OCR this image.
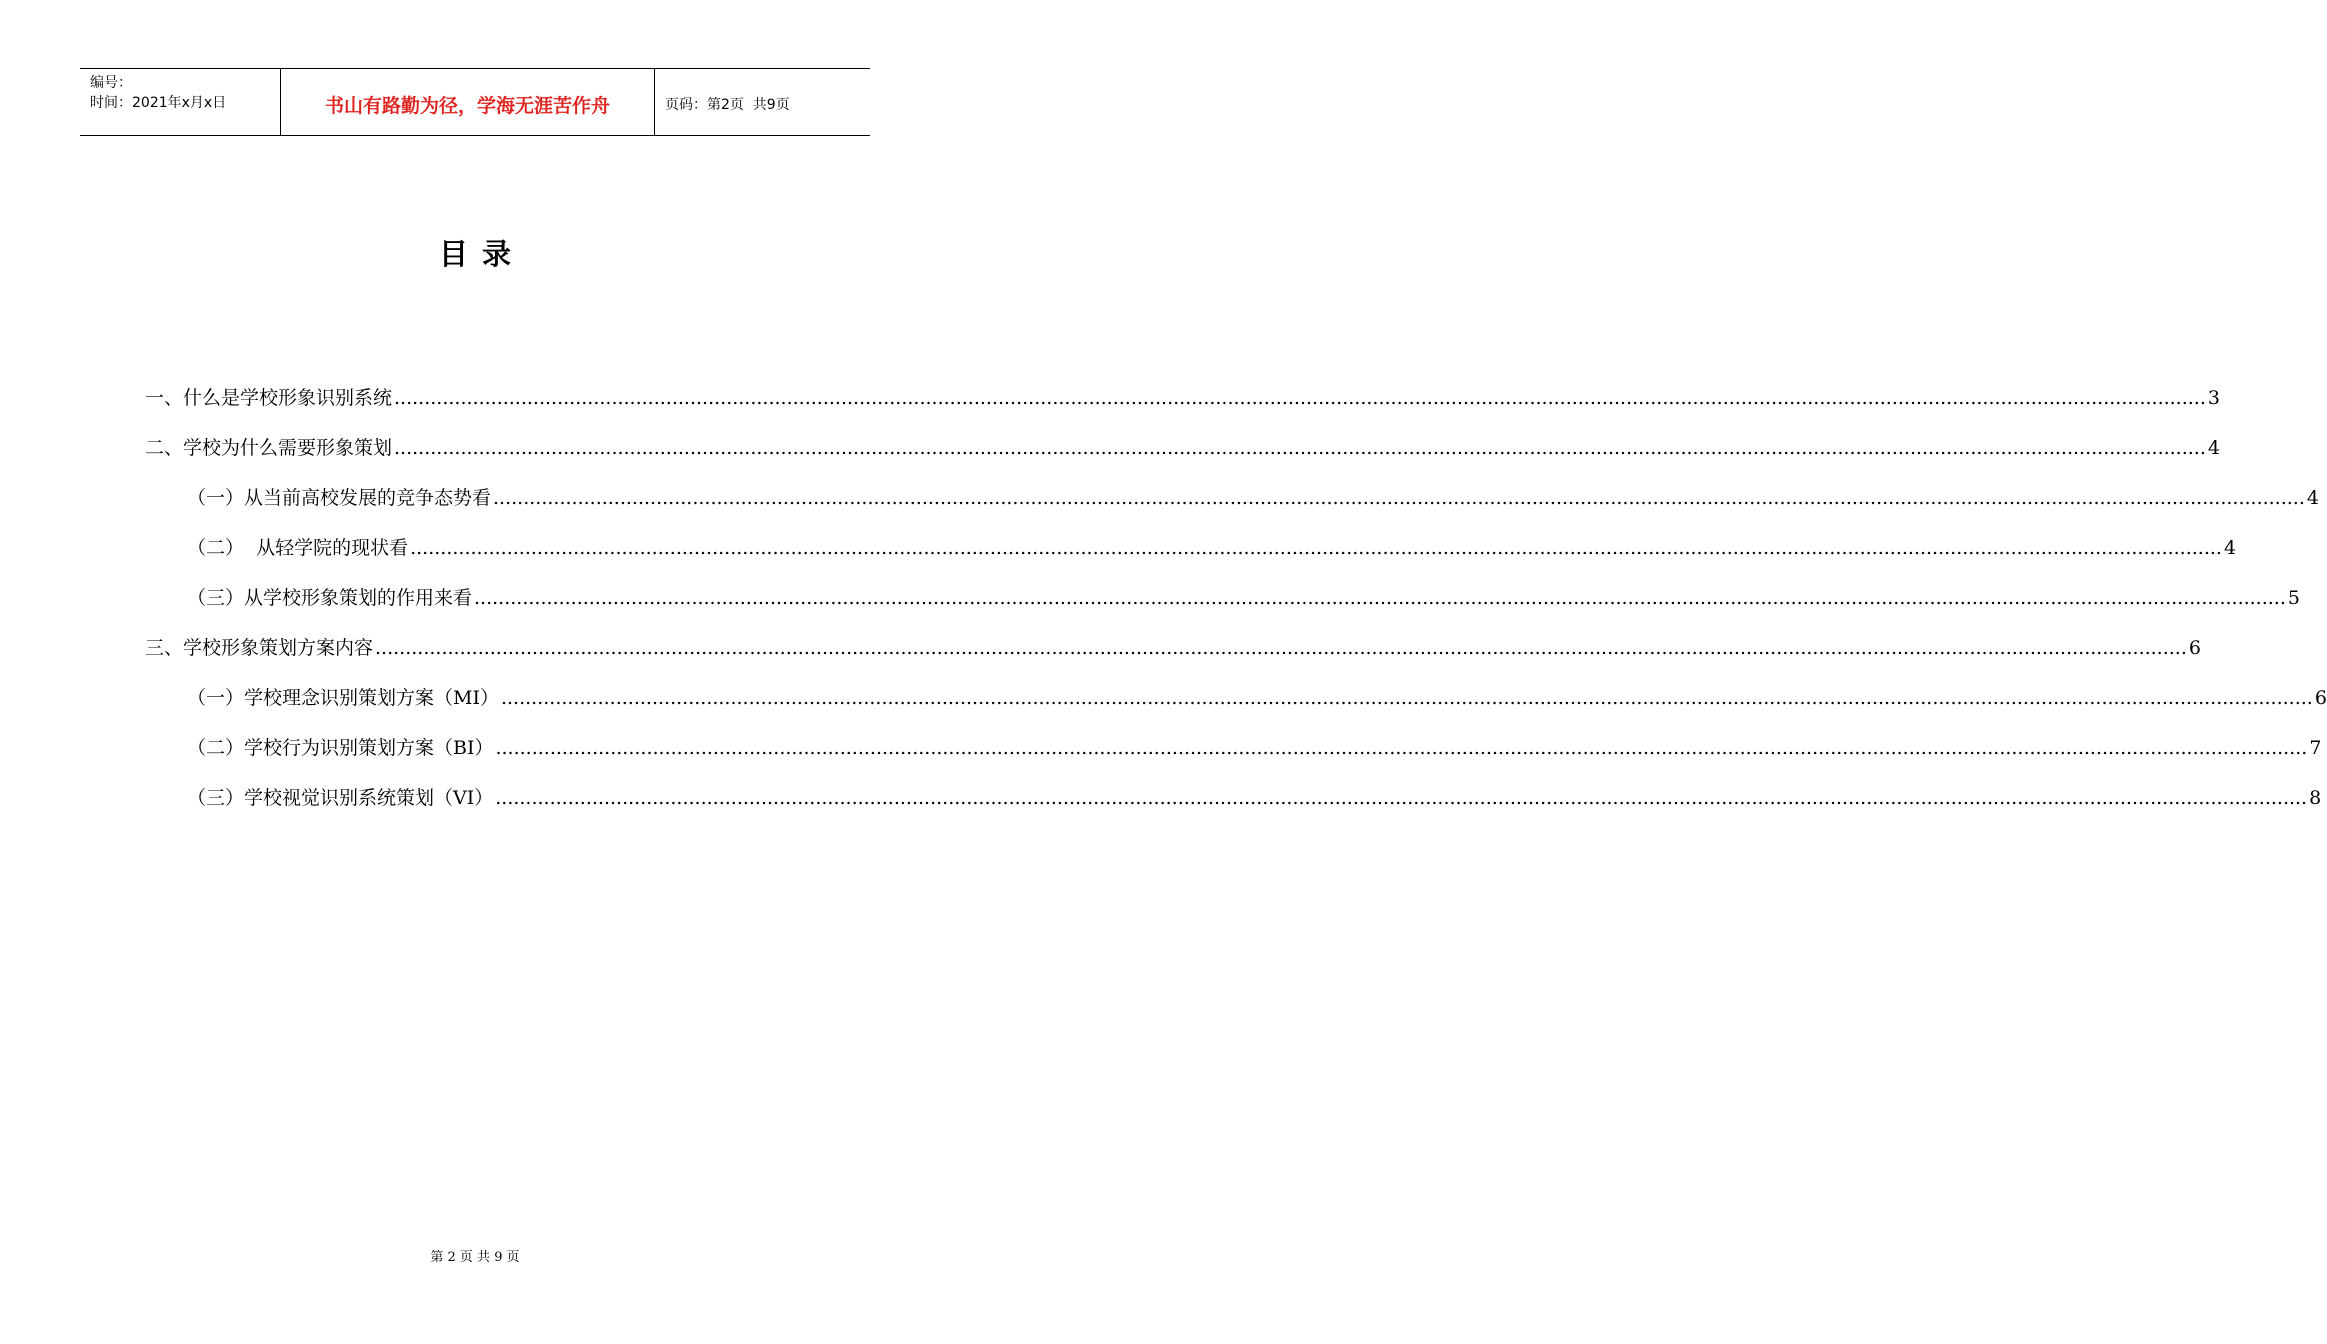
编号：
时间：2021年x月x日	书山有路勤为径，学海无涯苦作舟	页码：第2页  共9页
目录
一、什么是学校形象识别系统 ............................................................................................................................................................................................................................................................................................................ 3
二、学校为什么需要形象策划 ............................................................................................................................................................................................................................................................................................................ 4
（一）从当前高校发展的竞争态势看 ............................................................................................................................................................................................................................................................................................................ 4
（二）  从轻学院的现状看 ............................................................................................................................................................................................................................................................................................................ 4
（三）从学校形象策划的作用来看 ............................................................................................................................................................................................................................................................................................................ 5
三、学校形象策划方案内容 ............................................................................................................................................................................................................................................................................................................ 6
（一）学校理念识别策划方案（MI） ............................................................................................................................................................................................................................................................................................................ 6
（二）学校行为识别策划方案（BI） ............................................................................................................................................................................................................................................................................................................ 7
（三）学校视觉识别系统策划（VI） ............................................................................................................................................................................................................................................................................................................ 8
第 2 页 共 9 页
